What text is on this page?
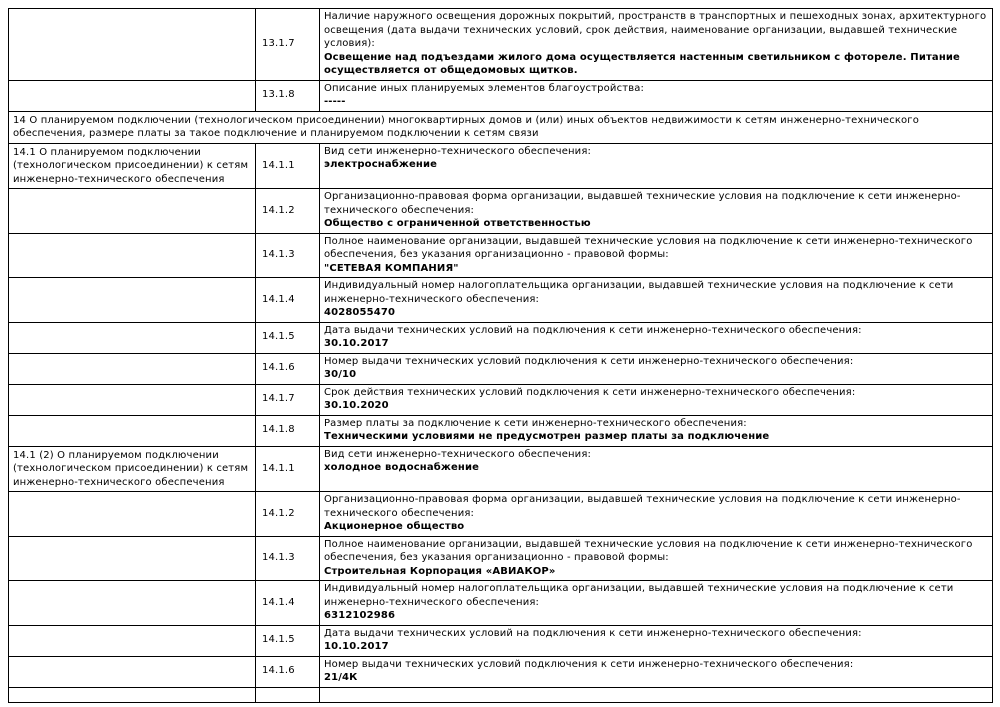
	13.1.7	Наличие наружного освещения дорожных покрытий, пространств в транспортных и пешеходных зонах, архитектурного освещения (дата выдачи технических условий, срок действия, наименование организации, выдавшей технические условия):
Освещение над подъездами жилого дома осуществляется настенным светильником с фотореле. Питание осуществляется от общедомовых щитков.

	13.1.8	Описание иных планируемых элементов благоустройства:
-----

14 О планируемом подключении (технологическом присоединении) многоквартирных домов и (или) иных объектов недвижимости к сетям инженерно-технического обеспечения, размере платы за такое подключение и планируемом подключении к сетям связи		
14.1 О планируемом подключении (технологическом присоединении) к сетям инженерно-технического обеспечения	14.1.1	Вид сети инженерно-технического обеспечения:
электроснабжение

	14.1.2	Организационно-правовая форма организации, выдавшей технические условия на подключение к сети инженерно-технического обеспечения:
Общество с ограниченной ответственностью

	14.1.3	Полное наименование организации, выдавшей технические условия на подключение к сети инженерно-технического обеспечения, без указания организационно - правовой формы:
"СЕТЕВАЯ КОМПАНИЯ"

	14.1.4	Индивидуальный номер налогоплательщика организации, выдавшей технические условия на подключение к сети инженерно-технического обеспечения:
4028055470

	14.1.5	Дата выдачи технических условий на подключения к сети инженерно-технического обеспечения:
30.10.2017

	14.1.6	Номер выдачи технических условий подключения к сети инженерно-технического обеспечения:
30/10

	14.1.7	Срок действия технических условий подключения к сети инженерно-технического обеспечения:
30.10.2020

	14.1.8	Размер платы за подключение к сети инженерно-технического обеспечения:
Техническими условиями не предусмотрен размер платы за подключение

14.1 (2) О планируемом подключении (технологическом присоединении) к сетям инженерно-технического обеспечения	14.1.1	Вид сети инженерно-технического обеспечения:
холодное водоснабжение

	14.1.2	Организационно-правовая форма организации, выдавшей технические условия на подключение к сети инженерно-технического обеспечения:
Акционерное общество

	14.1.3	Полное наименование организации, выдавшей технические условия на подключение к сети инженерно-технического обеспечения, без указания организационно - правовой формы:
Строительная Корпорация «АВИАКОР»

	14.1.4	Индивидуальный номер налогоплательщика организации, выдавшей технические условия на подключение к сети инженерно-технического обеспечения:
6312102986

	14.1.5	Дата выдачи технических условий на подключения к сети инженерно-технического обеспечения:
10.10.2017

	14.1.6	Номер выдачи технических условий подключения к сети инженерно-технического обеспечения:
21/4К
